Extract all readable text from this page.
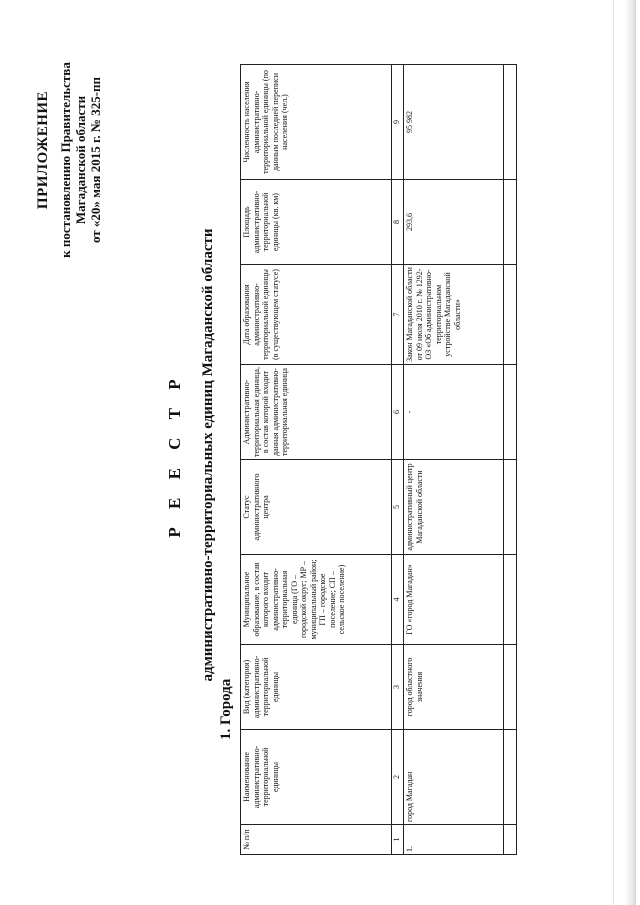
ПРИЛОЖЕНИЕ к постановлению Правительства Магаданской области от «20» мая 2015 г. № 325-пп
Р Е Е С Т Р административно-территориальных единиц Магаданской области
1. Города
№ п/п	Наименование административно-территориальной единицы	Вид (категория) административно-территориальной единицы	Муниципальное образование, в состав которого входит административно-территориальная единица (ГО – городской округ; МР – муниципальный район; ГП – городское поселение; СП – сельское поселение)	Статус административного центра	Административно-территориальная единица, в состав которой входит данная административно-территориальная единица	Дата образования административно-территориальной единицы (в существующем статусе)	Площадь административно-территориальной единицы (кв. км)	Численность населения административно-территориальной единицы (по данным последней переписи населения (чел.)
1	2	3	4	5	6	7	8	9
1.	город Магадан	город областного значения	ГО «город Магадан»	административный центр Магаданской области	-	Закон Магаданской области от 09 июля 2010 г. № 1292-ОЗ «Об административно-территориальном устройстве Магаданской области»	293,6	95 982
